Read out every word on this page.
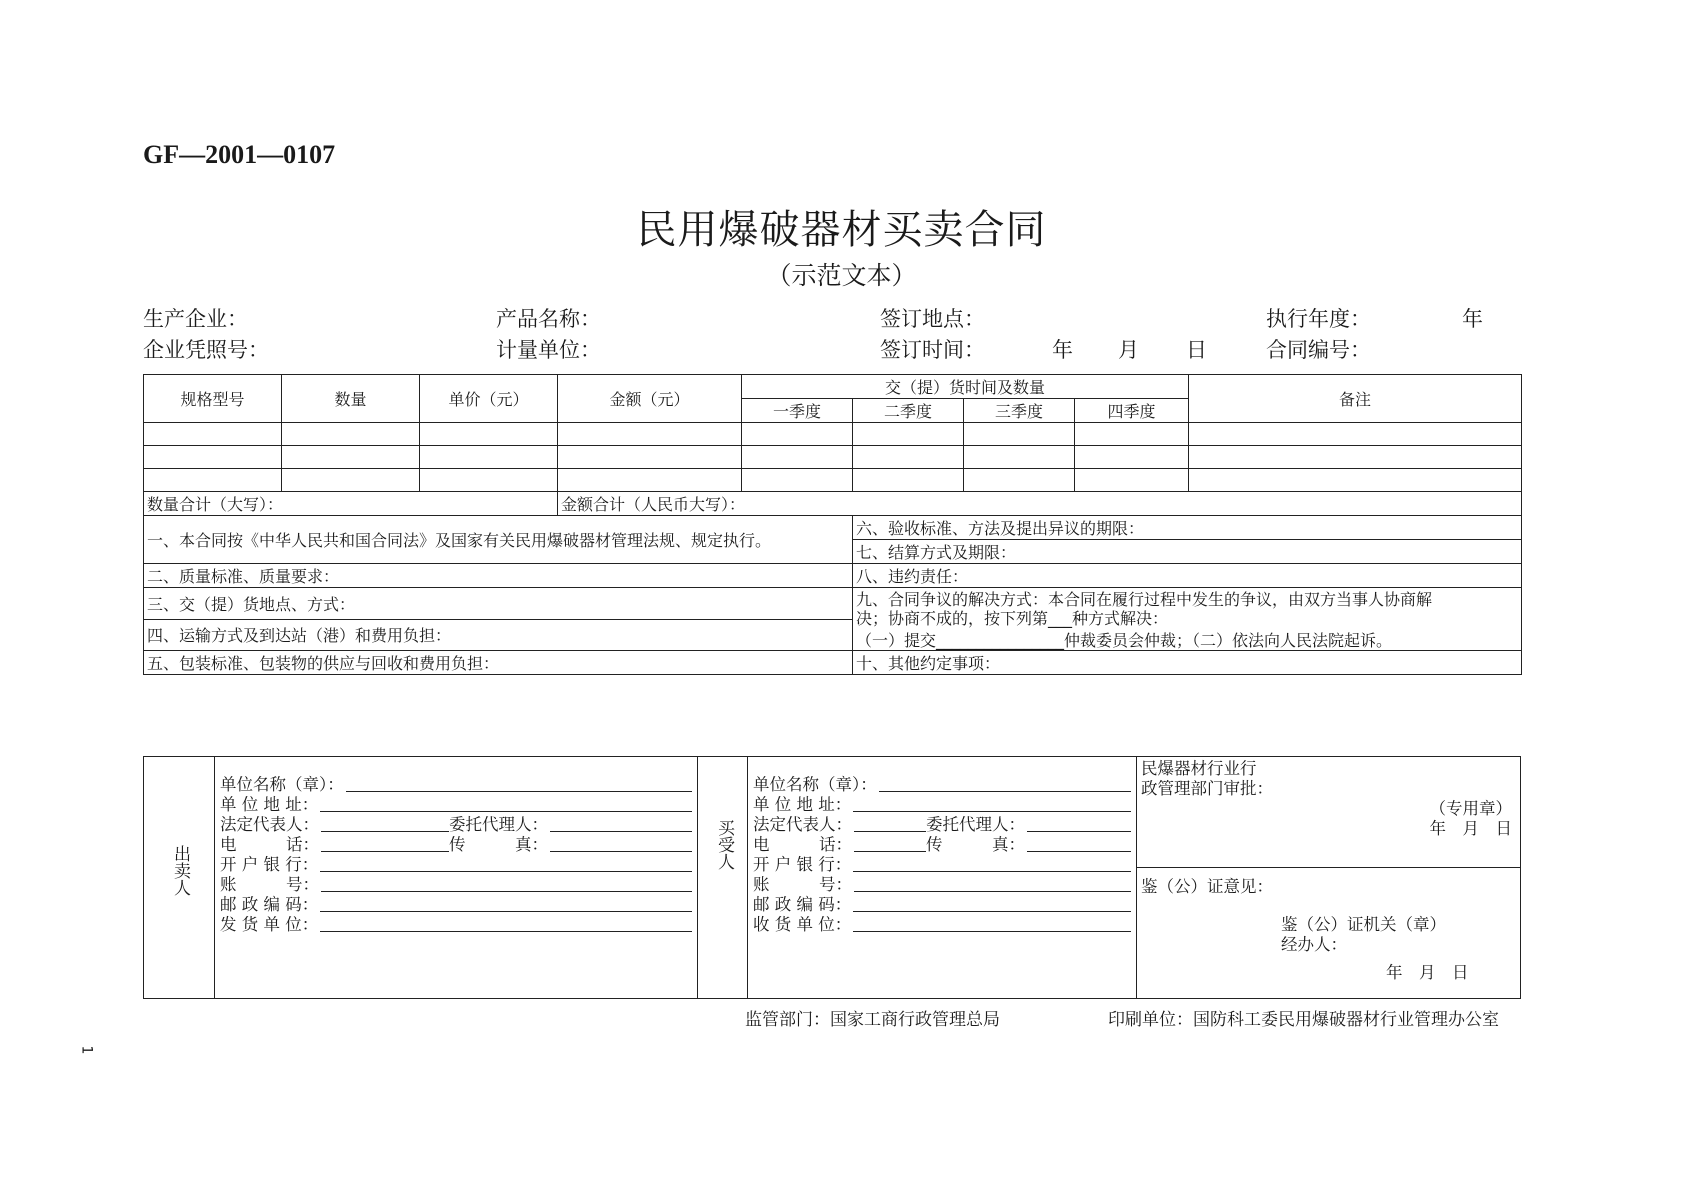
GF—2001—0107
民用爆破器材买卖合同
（示范文本）
生产企业：	产品名称：	签订地点：	执行年度：	年
企业凭照号：	计量单位：	签订时间：	年 月 日	合同编号：
规格型号	数量	单价（元）	金额（元）	交（提）货时间及数量				备注
				一季度	二季度	三季度	四季度	

数量合计（大写）：			金额合计（人民币大写）：					
一、本合同按《中华人民共和国合同法》及国家有关民用爆破器材管理法规、规定执行。					六、验收标准、方法及提出异议的期限：			
					七、结算方式及期限：			
二、质量标准、质量要求：					八、违约责任：			
三、交（提）货地点、方式：					九、合同争议的解决方式：本合同在履行过程中发生的争议，由双方当事人协商解
决；协商不成的，按下列第___种方式解决：
（一）提交________________仲裁委员会仲裁；（二）依法向人民法院起诉。			

四、运输方式及到达站（港）和费用负担：								
五、包装标准、包装物的供应与回收和费用负担：					十、其他约定事项：			
出卖人
单位名称（章）：
单 位 地 址：
法定代表人：	委托代理人：
电　　　话：	传　　　真：
开 户 银 行：
账　　　号：
邮 政 编 码：
发 货 单 位：
买受人
单位名称（章）：
单 位 地 址：
法定代表人：	委托代理人：
电　　　话：	传　　　真：
开 户 银 行：
账　　　号：
邮 政 编 码：
收 货 单 位：
民爆器材行业行
政管理部门审批：
（专用章）
年　月　日
鉴（公）证意见：
鉴（公）证机关（章）
经办人：
年　月　日
监管部门：国家工商行政管理总局	印刷单位：国防科工委民用爆破器材行业管理办公室
1
